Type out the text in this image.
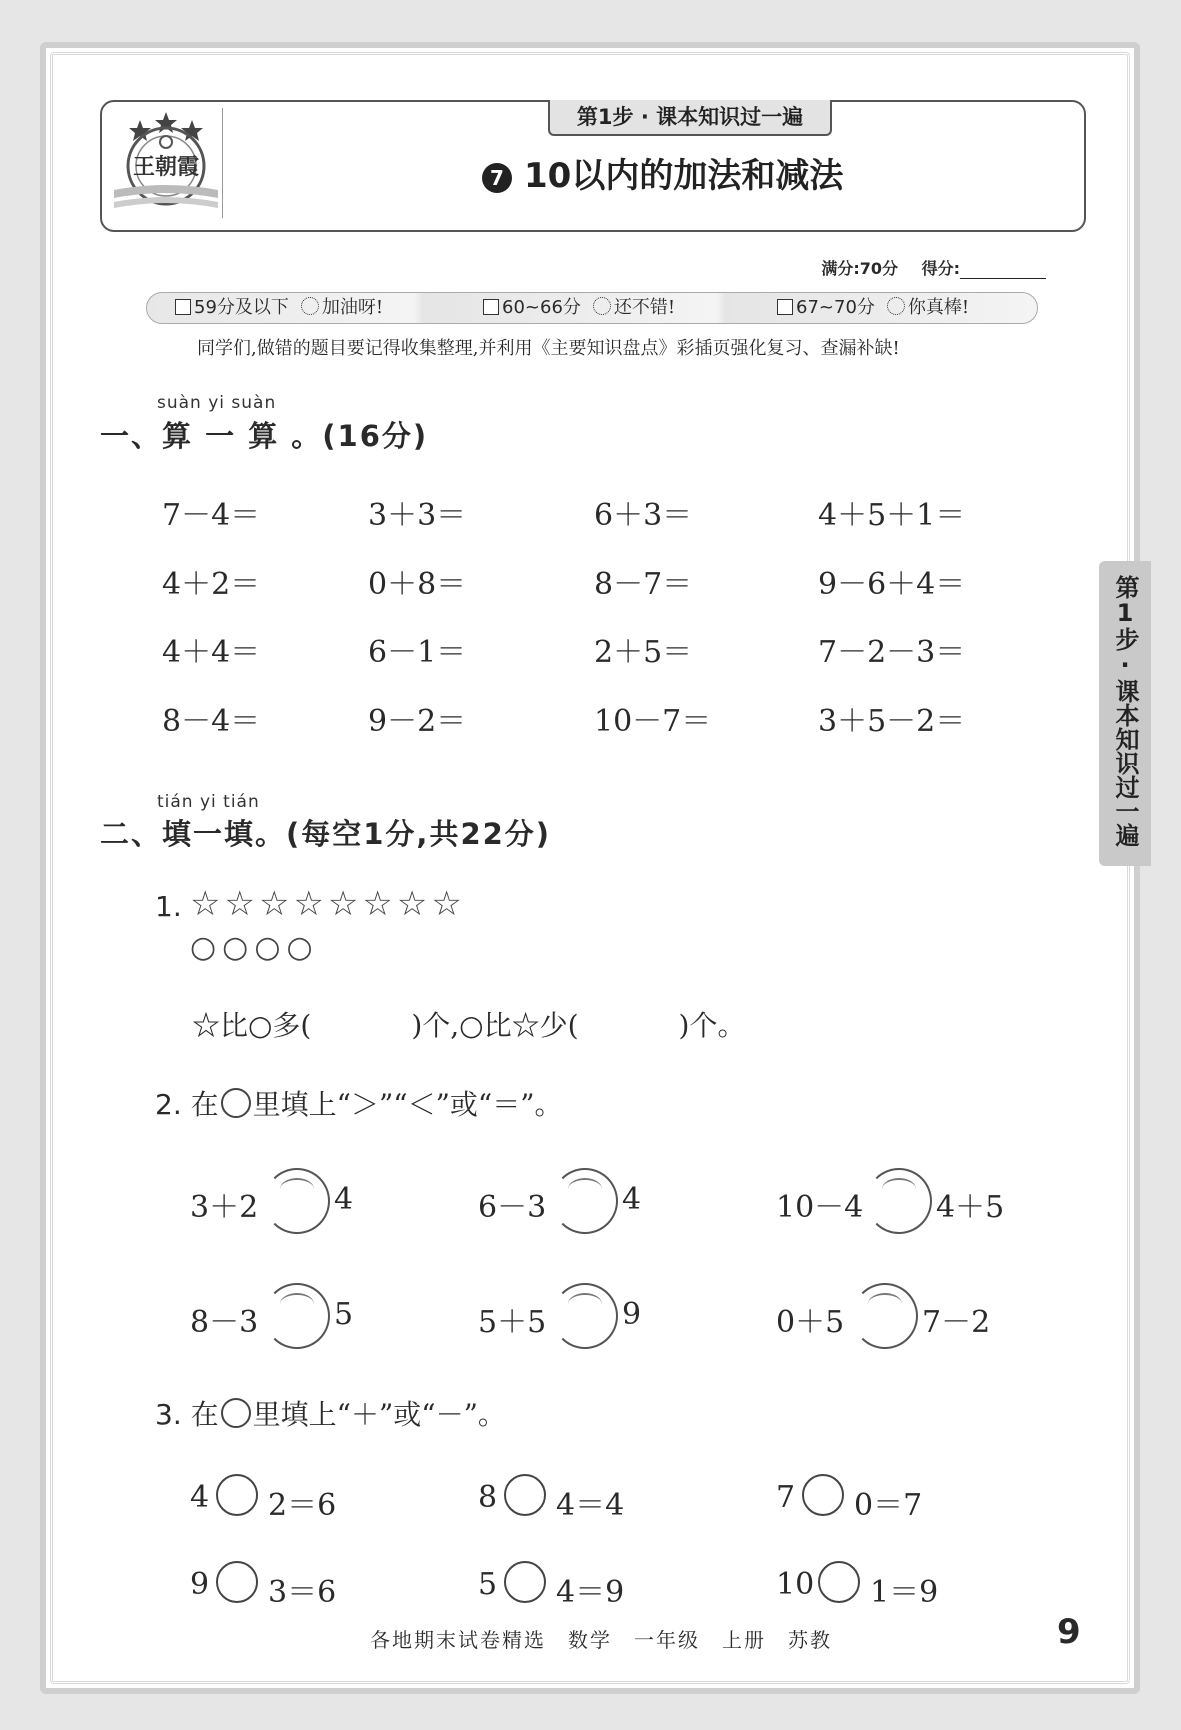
王朝霞
第1步 · 课本知识过一遍
7 10以内的加法和减法
满分:70分 得分:
59分及以下 加油呀!	60~66分 还不错!	67~70分 你真棒!
同学们,做错的题目要记得收集整理,并利用《主要知识盘点》彩插页强化复习、查漏补缺!
suàn yi suàn
一、算 一 算 。(16分)
7－4＝	3＋3＝	6＋3＝	4＋5＋1＝
4＋2＝	0＋8＝	8－7＝	9－6＋4＝
4＋4＝	6－1＝	2＋5＝	7－2－3＝
8－4＝	9－2＝	10－7＝	3＋5－2＝
tián yi tián
二、填一填。(每空1分,共22分)
1. ☆☆☆☆☆☆☆☆
○○○○
☆比○多(	)个,○比☆少(	)个。
2. 在 里填上“＞”“＜”或“＝”。
3＋2	4	6－3	4	10－4 4＋5
8－3	5	5＋5	9	0＋5	7－2
3. 在 里填上“＋”或“－”。
4 2＝6	8 4＝4	7 0＝7
9 3＝6	5 4＝9	10 1＝9
第1步·课本知识过一遍
各地期末试卷精选　数学　一年级　上册　苏教	9
